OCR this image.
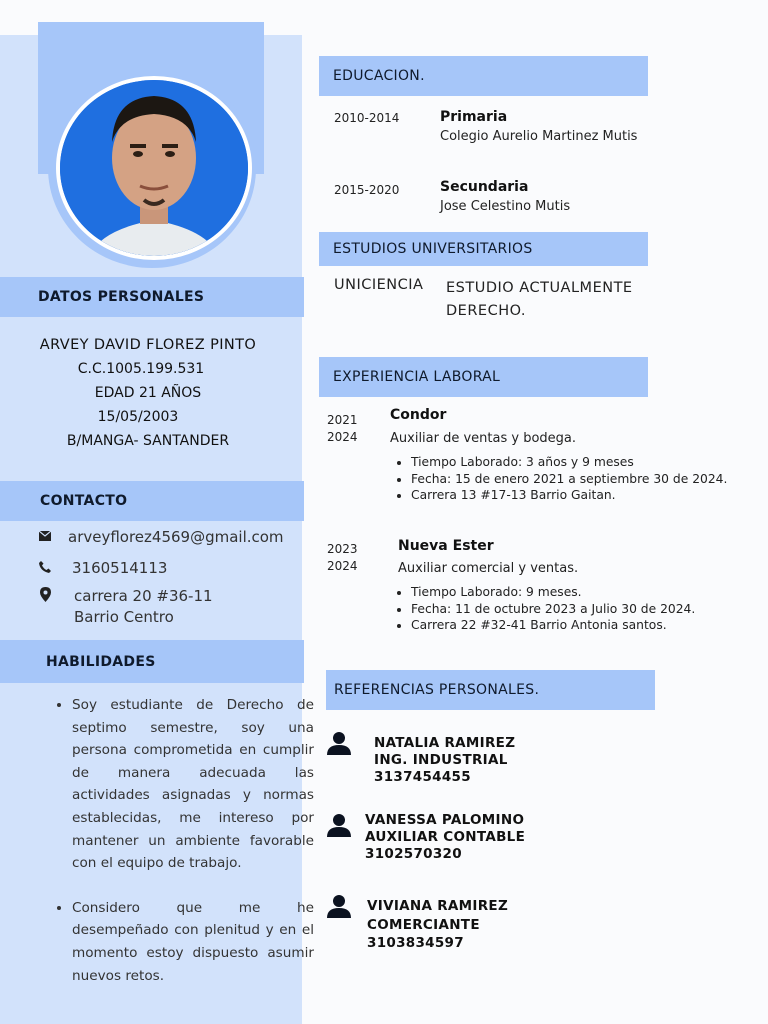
DATOS PERSONALES
ARVEY DAVID FLOREZ PINTO
C.C.1005.199.531
EDAD 21 AÑOS
15/05/2003
B/MANGA- SANTANDER
CONTACTO
arveyflorez4569@gmail.com
3160514113
carrera 20 #36-11
Barrio Centro
HABILIDADES
• Soy estudiante de Derecho de septimo semestre, soy una persona comprometida en cumplir de manera adecuada las actividades asignadas y normas establecidas, me intereso por mantener un ambiente favorable con el equipo de trabajo.
• Considero que me he desempeñado con plenitud y en el momento estoy dispuesto asumir nuevos retos.
EDUCACION.
2010-2014	Primaria
Colegio Aurelio Martinez Mutis
2015-2020	Secundaria
Jose Celestino Mutis
ESTUDIOS UNIVERSITARIOS
UNICIENCIA ESTUDIO ACTUALMENTE
DERECHO.
EXPERIENCIA LABORAL
2021
2024
Condor
Auxiliar de ventas y bodega.
• Tiempo Laborado: 3 años y 9 meses
• Fecha: 15 de enero 2021 a septiembre 30 de 2024.
• Carrera 13 #17-13 Barrio Gaitan.
2023
2024
Nueva Ester
Auxiliar comercial y ventas.
• Tiempo Laborado: 9 meses.
• Fecha: 11 de octubre 2023 a Julio 30 de 2024.
• Carrera 22 #32-41 Barrio Antonia santos.
REFERENCIAS PERSONALES.
NATALIA RAMIREZ
ING. INDUSTRIAL
3137454455
VANESSA PALOMINO
AUXILIAR CONTABLE
3102570320
VIVIANA RAMIREZ
COMERCIANTE
3103834597
